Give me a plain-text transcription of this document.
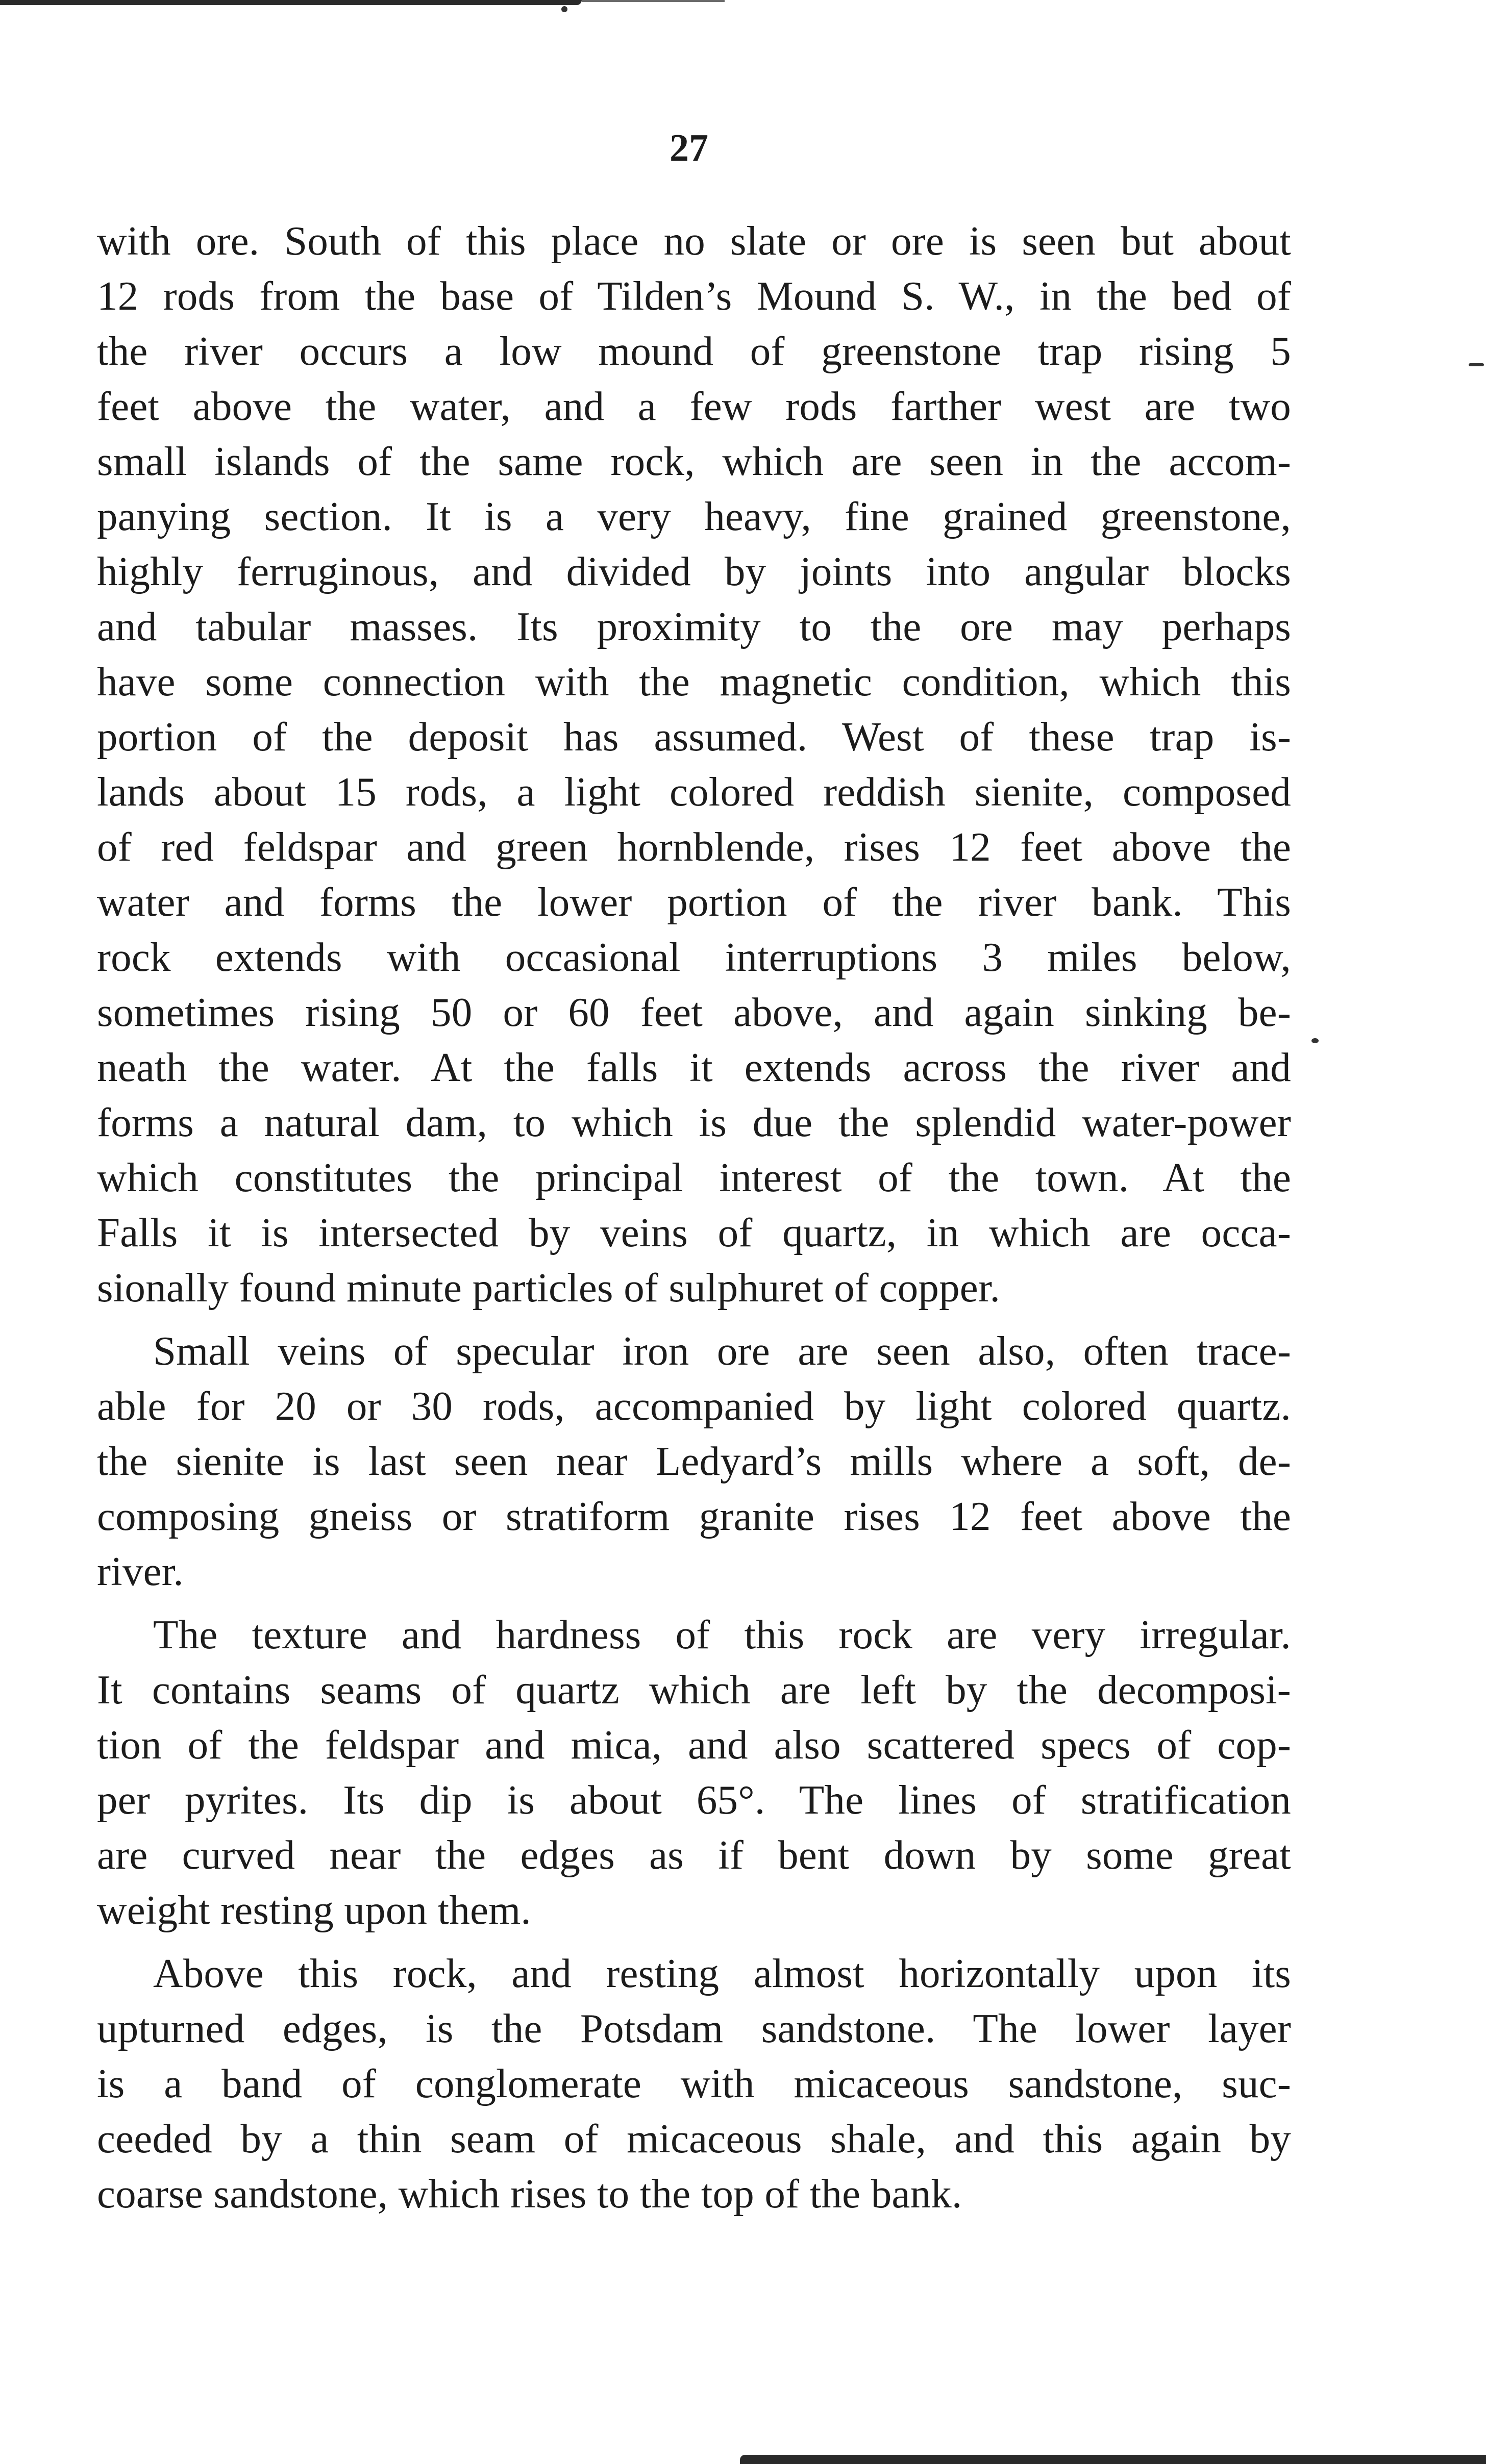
27
with ore. South of this place no slate or ore is seen but about
12 rods from the base of Tilden’s Mound S. W., in the bed of
the river occurs a low mound of greenstone trap rising 5
feet above the water, and a few rods farther west are two
small islands of the same rock, which are seen in the accom-
panying section. It is a very heavy, fine grained greenstone,
highly ferruginous, and divided by joints into angular blocks
and tabular masses. Its proximity to the ore may perhaps
have some connection with the magnetic condition, which this
portion of the deposit has assumed. West of these trap is-
lands about 15 rods, a light colored reddish sienite, composed
of red feldspar and green hornblende, rises 12 feet above the
water and forms the lower portion of the river bank. This
rock extends with occasional interruptions 3 miles below,
sometimes rising 50 or 60 feet above, and again sinking be-
neath the water. At the falls it extends across the river and
forms a natural dam, to which is due the splendid water-power
which constitutes the principal interest of the town. At the
Falls it is intersected by veins of quartz, in which are occa-
sionally found minute particles of sulphuret of copper.
Small veins of specular iron ore are seen also, often trace-
able for 20 or 30 rods, accompanied by light colored quartz.
the sienite is last seen near Ledyard’s mills where a soft, de-
composing gneiss or stratiform granite rises 12 feet above the
river.
The texture and hardness of this rock are very irregular.
It contains seams of quartz which are left by the decomposi-
tion of the feldspar and mica, and also scattered specs of cop-
per pyrites. Its dip is about 65°. The lines of stratification
are curved near the edges as if bent down by some great
weight resting upon them.
Above this rock, and resting almost horizontally upon its
upturned edges, is the Potsdam sandstone. The lower layer
is a band of conglomerate with micaceous sandstone, suc-
ceeded by a thin seam of micaceous shale, and this again by
coarse sandstone, which rises to the top of the bank.
